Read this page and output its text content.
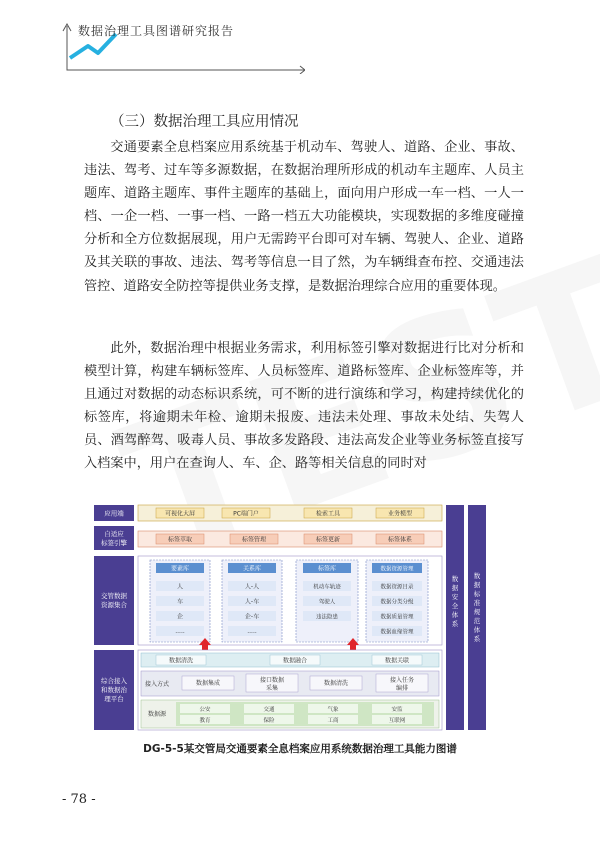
数据治理工具图谱研究报告
（三）数据治理工具应用情况

交通要素全息档案应用系统基于机动车、驾驶人、道路、企业、事故、违法、驾考、过车等多源数据，在数据治理所形成的机动车主题库、人员主题库、道路主题库、事件主题库的基础上，面向用户形成一车一档、一人一档、一企一档、一事一档、一路一档五大功能模块，实现数据的多维度碰撞分析和全方位数据展现，用户无需跨平台即可对车辆、驾驶人、企业、道路及其关联的事故、违法、驾考等信息一目了然，为车辆缉查布控、交通违法管控、道路安全防控等提供业务支撑，是数据治理综合应用的重要体现。

此外，数据治理中根据业务需求，利用标签引擎对数据进行比对分析和模型计算，构建车辆标签库、人员标签库、道路标签库、企业标签库等，并且通过对数据的动态标识系统，可不断的进行演练和学习，构建持续优化的标签库，将逾期未年检、逾期未报废、违法未处理、事故未处结、失驾人员、酒驾醉驾、吸毒人员、事故多发路段、违法高发企业等业务标签直接写入档案中，用户在查询人、车、企、路等相关信息的同时对

应用端
自适应
标签引擎
交管数据
资源集合
综合接入
和数据治
理平台
数
据
安
全
体
系
数
据
标
准
规
范
体
系
可视化大屏	PC端门户	检索工具	业务模型
标签萃取	标签管理	标签更新	标签体系
要素库
人
车
企
.....
关系库
人-人
人-车
企-车
.....
标签库
机动车轨迹
驾驶人
违法隐患
数据资源管理
数据资源目录
数据分类分级
数据质量管理
数据血缘管理
数据清洗	数据融合	数据关联
接入方式	数据集成	接口数据
采集
数据清洗	接入任务
编排
数据源
公安	交通	气象	安监
教育	保险	工商	互联网
DG-5-5某交管局交通要素全息档案应用系统数据治理工具能力图谱
- 78 -
